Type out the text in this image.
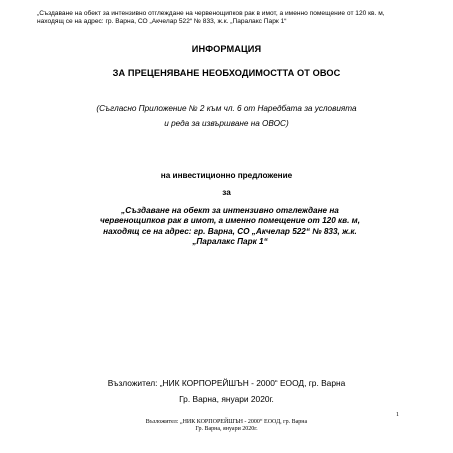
„Създаване на обект за интензивно отглеждане на червенощипков рак в имот, а именно помещение от 120 кв. м, находящ се на адрес: гр. Варна, СО „Акчелар 522“ № 833, ж.к. „Паралакс Парк 1“
ИНФОРМАЦИЯ
ЗА ПРЕЦЕНЯВАНЕ НЕОБХОДИМОСТТА ОТ ОВОС
(Съгласно Приложение № 2 към чл. 6 от Наредбата за условията
и реда за извършване на ОВОС)
на инвестиционно предложение
за
„Създаване на обект за интензивно отглеждане на
червенощипков рак в имот, а именно помещение от 120 кв. м,
находящ се на адрес: гр. Варна, СО „Акчелар 522“ № 833, ж.к.
„Паралакс Парк 1“
Възложител: „НИК КОРПОРЕЙШЪН - 2000“ ЕООД, гр. Варна
Гр. Варна, януари 2020г.
1
Възложител: „НИК КОРПОРЕЙШЪН - 2000“ ЕООД, гр. Варна
Гр. Варна, януари 2020г.
